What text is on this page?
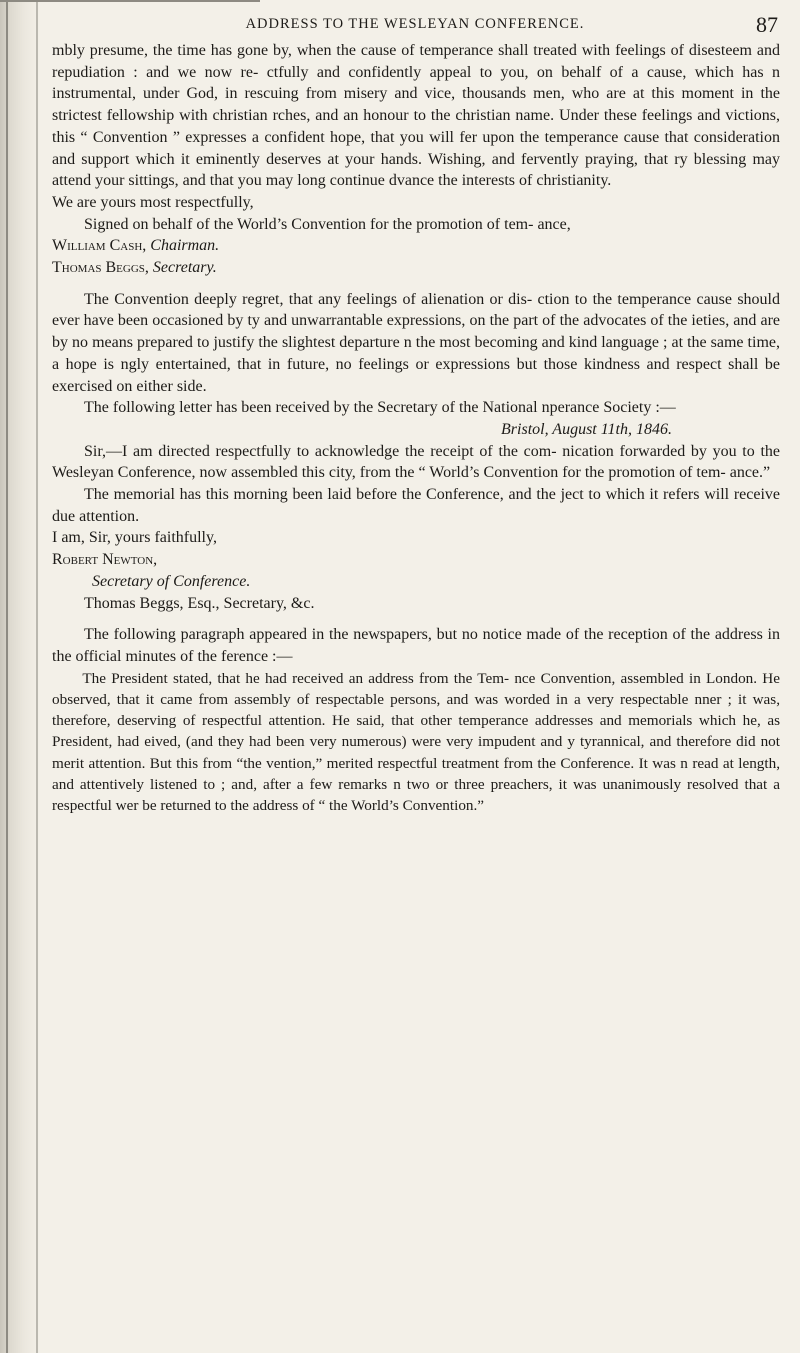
ADDRESS TO THE WESLEYAN CONFERENCE.	87

mbly presume, the time has gone by, when the cause of temperance shall treated with feelings of disesteem and repudiation : and we now re- ctfully and confidently appeal to you, on behalf of a cause, which has n instrumental, under God, in rescuing from misery and vice, thousands men, who are at this moment in the strictest fellowship with christian rches, and an honour to the christian name. Under these feelings and victions, this “ Convention ” expresses a confident hope, that you will fer upon the temperance cause that consideration and support which it eminently deserves at your hands. Wishing, and fervently praying, that ry blessing may attend your sittings, and that you may long continue dvance the interests of christianity.

We are yours most respectfully,

Signed on behalf of the World’s Convention for the promotion of tem- ance,

William Cash, Chairman.

Thomas Beggs, Secretary.

The Convention deeply regret, that any feelings of alienation or dis- ction to the temperance cause should ever have been occasioned by ty and unwarrantable expressions, on the part of the advocates of the ieties, and are by no means prepared to justify the slightest departure n the most becoming and kind language ; at the same time, a hope is ngly entertained, that in future, no feelings or expressions but those kindness and respect shall be exercised on either side.

The following letter has been received by the Secretary of the National nperance Society :—

Bristol, August 11th, 1846.

Sir,—I am directed respectfully to acknowledge the receipt of the com- nication forwarded by you to the Wesleyan Conference, now assembled this city, from the “ World’s Convention for the promotion of tem- ance.”

The memorial has this morning been laid before the Conference, and the ject to which it refers will receive due attention.

I am, Sir, yours faithfully,

Robert Newton,

Secretary of Conference.

Thomas Beggs, Esq., Secretary, &c.

The following paragraph appeared in the newspapers, but no notice made of the reception of the address in the official minutes of the ference :—

The President stated, that he had received an address from the Tem- nce Convention, assembled in London. He observed, that it came from assembly of respectable persons, and was worded in a very respectable nner ; it was, therefore, deserving of respectful attention. He said, that other temperance addresses and memorials which he, as President, had eived, (and they had been very numerous) were very impudent and y tyrannical, and therefore did not merit attention. But this from “the vention,” merited respectful treatment from the Conference. It was n read at length, and attentively listened to ; and, after a few remarks n two or three preachers, it was unanimously resolved that a respectful wer be returned to the address of “ the World’s Convention.”
